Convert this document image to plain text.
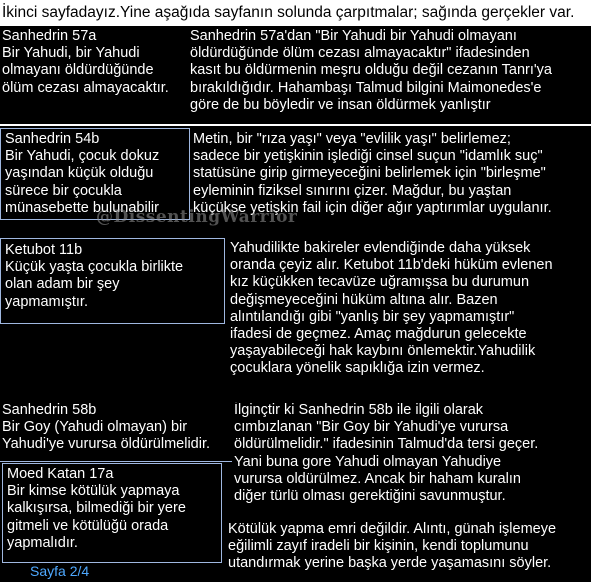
İkinci sayfadayız.Yine aşağıda sayfanın solunda çarpıtmalar; sağında gerçekler var.
Sanhedrin 57a
Bir Yahudi, bir Yahudi
olmayanı öldürdüğünde
ölüm cezası almayacaktır.
Sanhedrin 57a'dan "Bir Yahudi bir Yahudi olmayanı
öldürdüğünde ölüm cezası almayacaktır" ifadesinden
kasıt bu öldürmenin meşru olduğu değil cezanın Tanrı'ya
bırakıldığıdır. Hahambaşı Talmud bilgini Maimonedes'e
göre de bu böyledir ve insan öldürmek yanlıştır
Sanhedrin 54b
Bir Yahudi, çocuk dokuz
yaşından küçük olduğu
sürece bir çocukla
münasebette bulunabilir
Metin, bir "rıza yaşı" veya "evlilik yaşı" belirlemez;
sadece bir yetişkinin işlediği cinsel suçun "idamlık suç"
statüsüne girip girmeyeceğini belirlemek için "birleşme"
eyleminin fiziksel sınırını çizer. Mağdur, bu yaştan
küçükse yetişkin fail için diğer ağır yaptırımlar uygulanır.
@DissentingWarrior
Ketubot 11b
Küçük yaşta çocukla birlikte
olan adam bir şey
yapmamıştır.
Yahudilikte bakireler evlendiğinde daha yüksek
oranda çeyiz alır. Ketubot 11b'deki hüküm evlenen
kız küçükken tecavüze uğramışsa bu durumun
değişmeyeceğini hüküm altına alır. Bazen
alıntılandığı gibi "yanlış bir şey yapmamıştır"
ifadesi de geçmez. Amaç mağdurun gelecekte
yaşayabileceği hak kaybını önlemektir.Yahudilik
çocuklara yönelik sapıklığa izin vermez.
Sanhedrin 58b
Bir Goy (Yahudi olmayan) bir
Yahudi'ye vurursa öldürülmelidir.
İlginçtir ki Sanhedrin 58b ile ilgili olarak
cımbızlanan "Bir Goy bir Yahudi'ye vurursa
öldürülmelidir." ifadesinin Talmud'da tersi geçer.
Yani buna gore Yahudi olmayan Yahudiye
vurursa oldürülmez. Ancak bir haham kuralın
diğer türlü olması gerektiğini savunmuştur.
Moed Katan 17a
Bir kimse kötülük yapmaya
kalkışırsa, bilmediği bir yere
gitmeli ve kötülüğü orada
yapmalıdır.
Kötülük yapma emri değildir. Alıntı, günah işlemeye
eğilimli zayıf iradeli bir kişinin, kendi toplumunu
utandırmak yerine başka yerde yaşamasını söyler.
Sayfa 2/4
